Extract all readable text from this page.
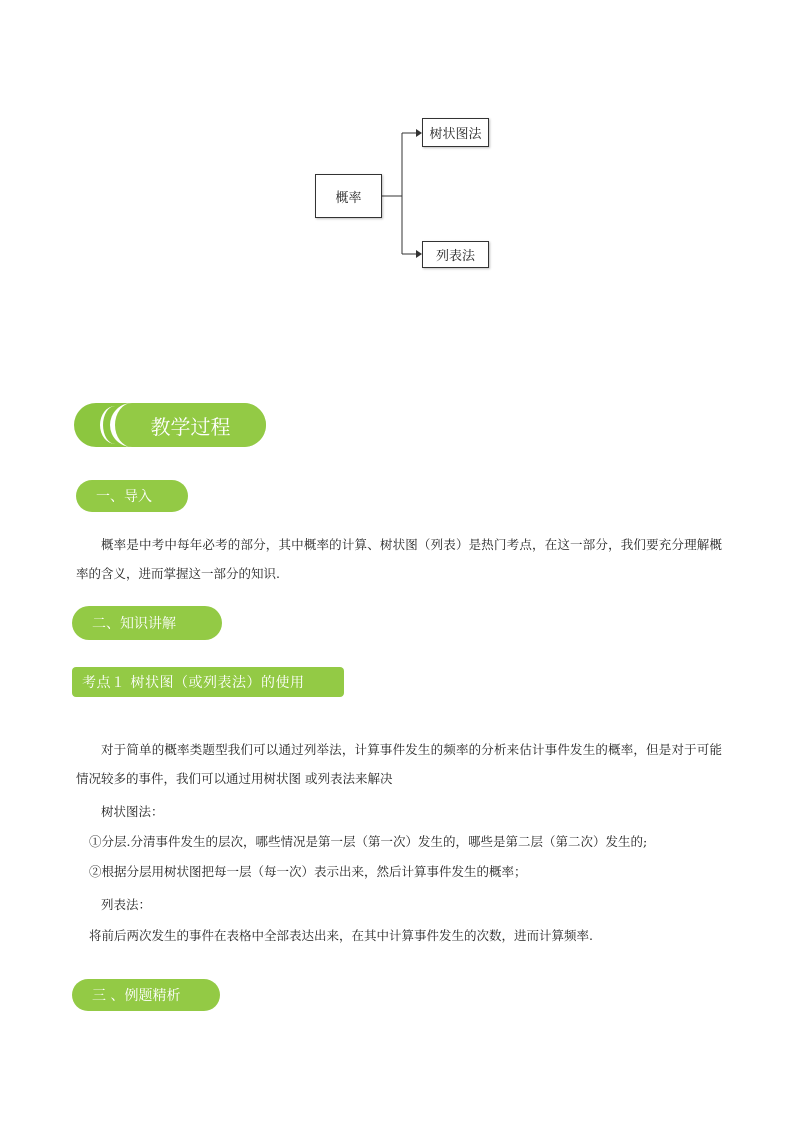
概率
树状图法
列表法
教学过程
一、导入
概率是中考中每年必考的部分，其中概率的计算、树状图（列表）是热门考点，在这一部分，我们要充分理解概率的含义，进而掌握这一部分的知识.
二、知识讲解
考点１ 树状图（或列表法）的使用
对于简单的概率类题型我们可以通过列举法，计算事件发生的频率的分析来估计事件发生的概率，但是对于可能情况较多的事件，我们可以通过用树状图 或列表法来解决
树状图法：
①分层.分清事件发生的层次，哪些情况是第一层（第一次）发生的，哪些是第二层（第二次）发生的;
②根据分层用树状图把每一层（每一次）表示出来，然后计算事件发生的概率；
列表法：
将前后两次发生的事件在表格中全部表达出来，在其中计算事件发生的次数，进而计算频率.
三 、例题精析
